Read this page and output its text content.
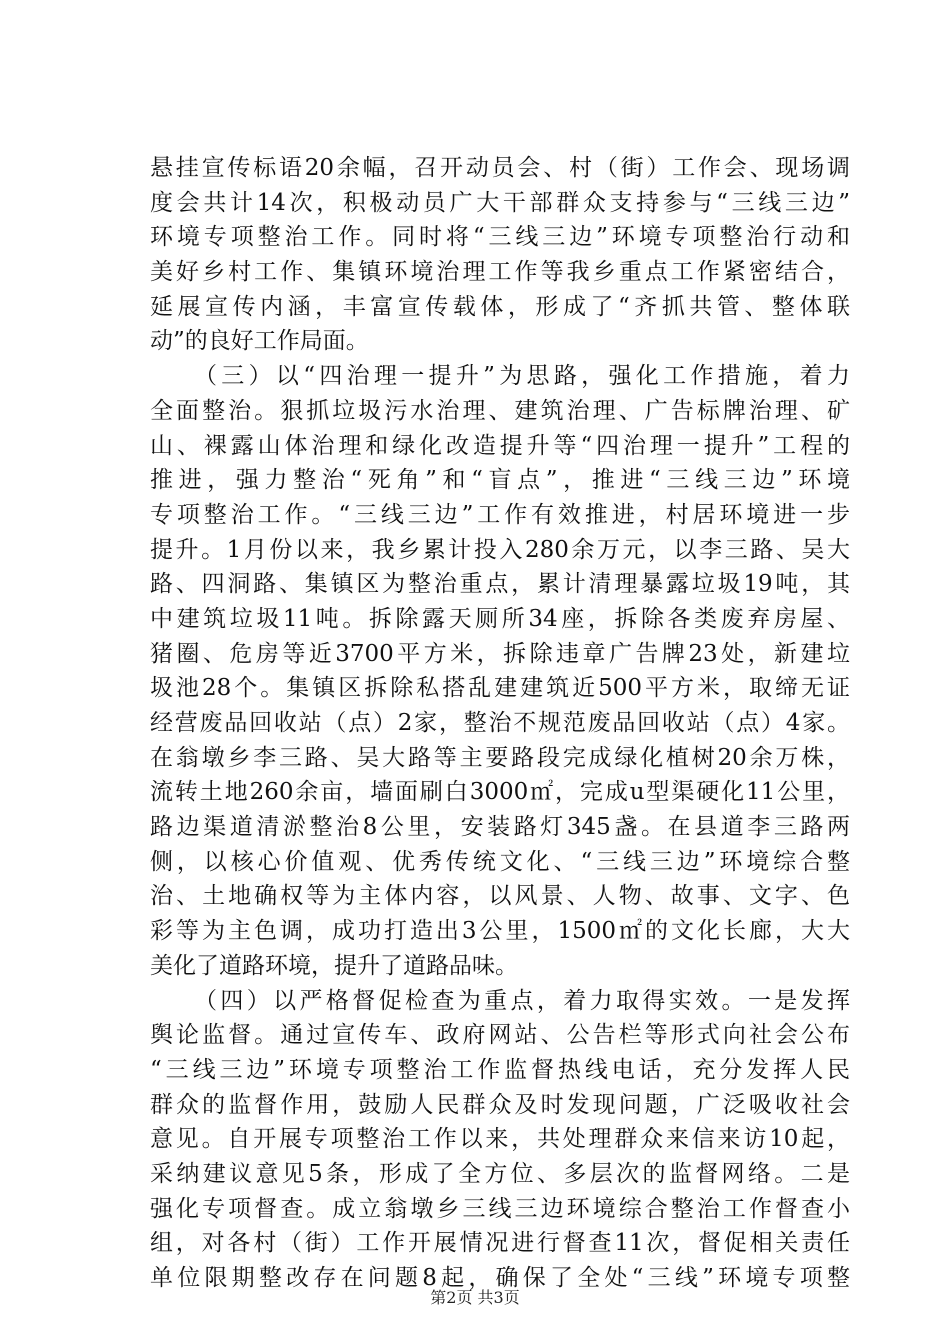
悬挂宣传标语20余幅，召开动员会、村（街）工作会、现场调
度会共计14次，积极动员广大干部群众支持参与“三线三边”
环境专项整治工作。同时将“三线三边”环境专项整治行动和
美好乡村工作、集镇环境治理工作等我乡重点工作紧密结合，
延展宣传内涵，丰富宣传载体，形成了“齐抓共管、整体联
动”的良好工作局面。
（三）以“四治理一提升”为思路，强化工作措施，着力
全面整治。狠抓垃圾污水治理、建筑治理、广告标牌治理、矿
山、裸露山体治理和绿化改造提升等“四治理一提升”工程的
推进，强力整治“死角”和“盲点”，推进“三线三边”环境
专项整治工作。“三线三边”工作有效推进，村居环境进一步
提升。1月份以来，我乡累计投入280余万元，以李三路、吴大
路、四洞路、集镇区为整治重点，累计清理暴露垃圾19吨，其
中建筑垃圾11吨。拆除露天厕所34座，拆除各类废弃房屋、
猪圈、危房等近3700平方米，拆除违章广告牌23处，新建垃
圾池28个。集镇区拆除私搭乱建建筑近500平方米，取缔无证
经营废品回收站（点）2家，整治不规范废品回收站（点）4家。
在翁墩乡李三路、吴大路等主要路段完成绿化植树20余万株，
流转土地260余亩，墙面刷白3000㎡，完成u型渠硬化11公里，
路边渠道清淤整治8公里，安装路灯345盏。在县道李三路两
侧，以核心价值观、优秀传统文化、“三线三边”环境综合整
治、土地确权等为主体内容，以风景、人物、故事、文字、色
彩等为主色调，成功打造出3公里，1500㎡的文化长廊，大大
美化了道路环境，提升了道路品味。
（四）以严格督促检查为重点，着力取得实效。一是发挥
舆论监督。通过宣传车、政府网站、公告栏等形式向社会公布
“三线三边”环境专项整治工作监督热线电话，充分发挥人民
群众的监督作用，鼓励人民群众及时发现问题，广泛吸收社会
意见。自开展专项整治工作以来，共处理群众来信来访10起，
采纳建议意见5条，形成了全方位、多层次的监督网络。二是
强化专项督查。成立翁墩乡三线三边环境综合整治工作督查小
组，对各村（街）工作开展情况进行督查11次，督促相关责任
单位限期整改存在问题8起，确保了全处“三线”环境专项整
第2页 共3页
